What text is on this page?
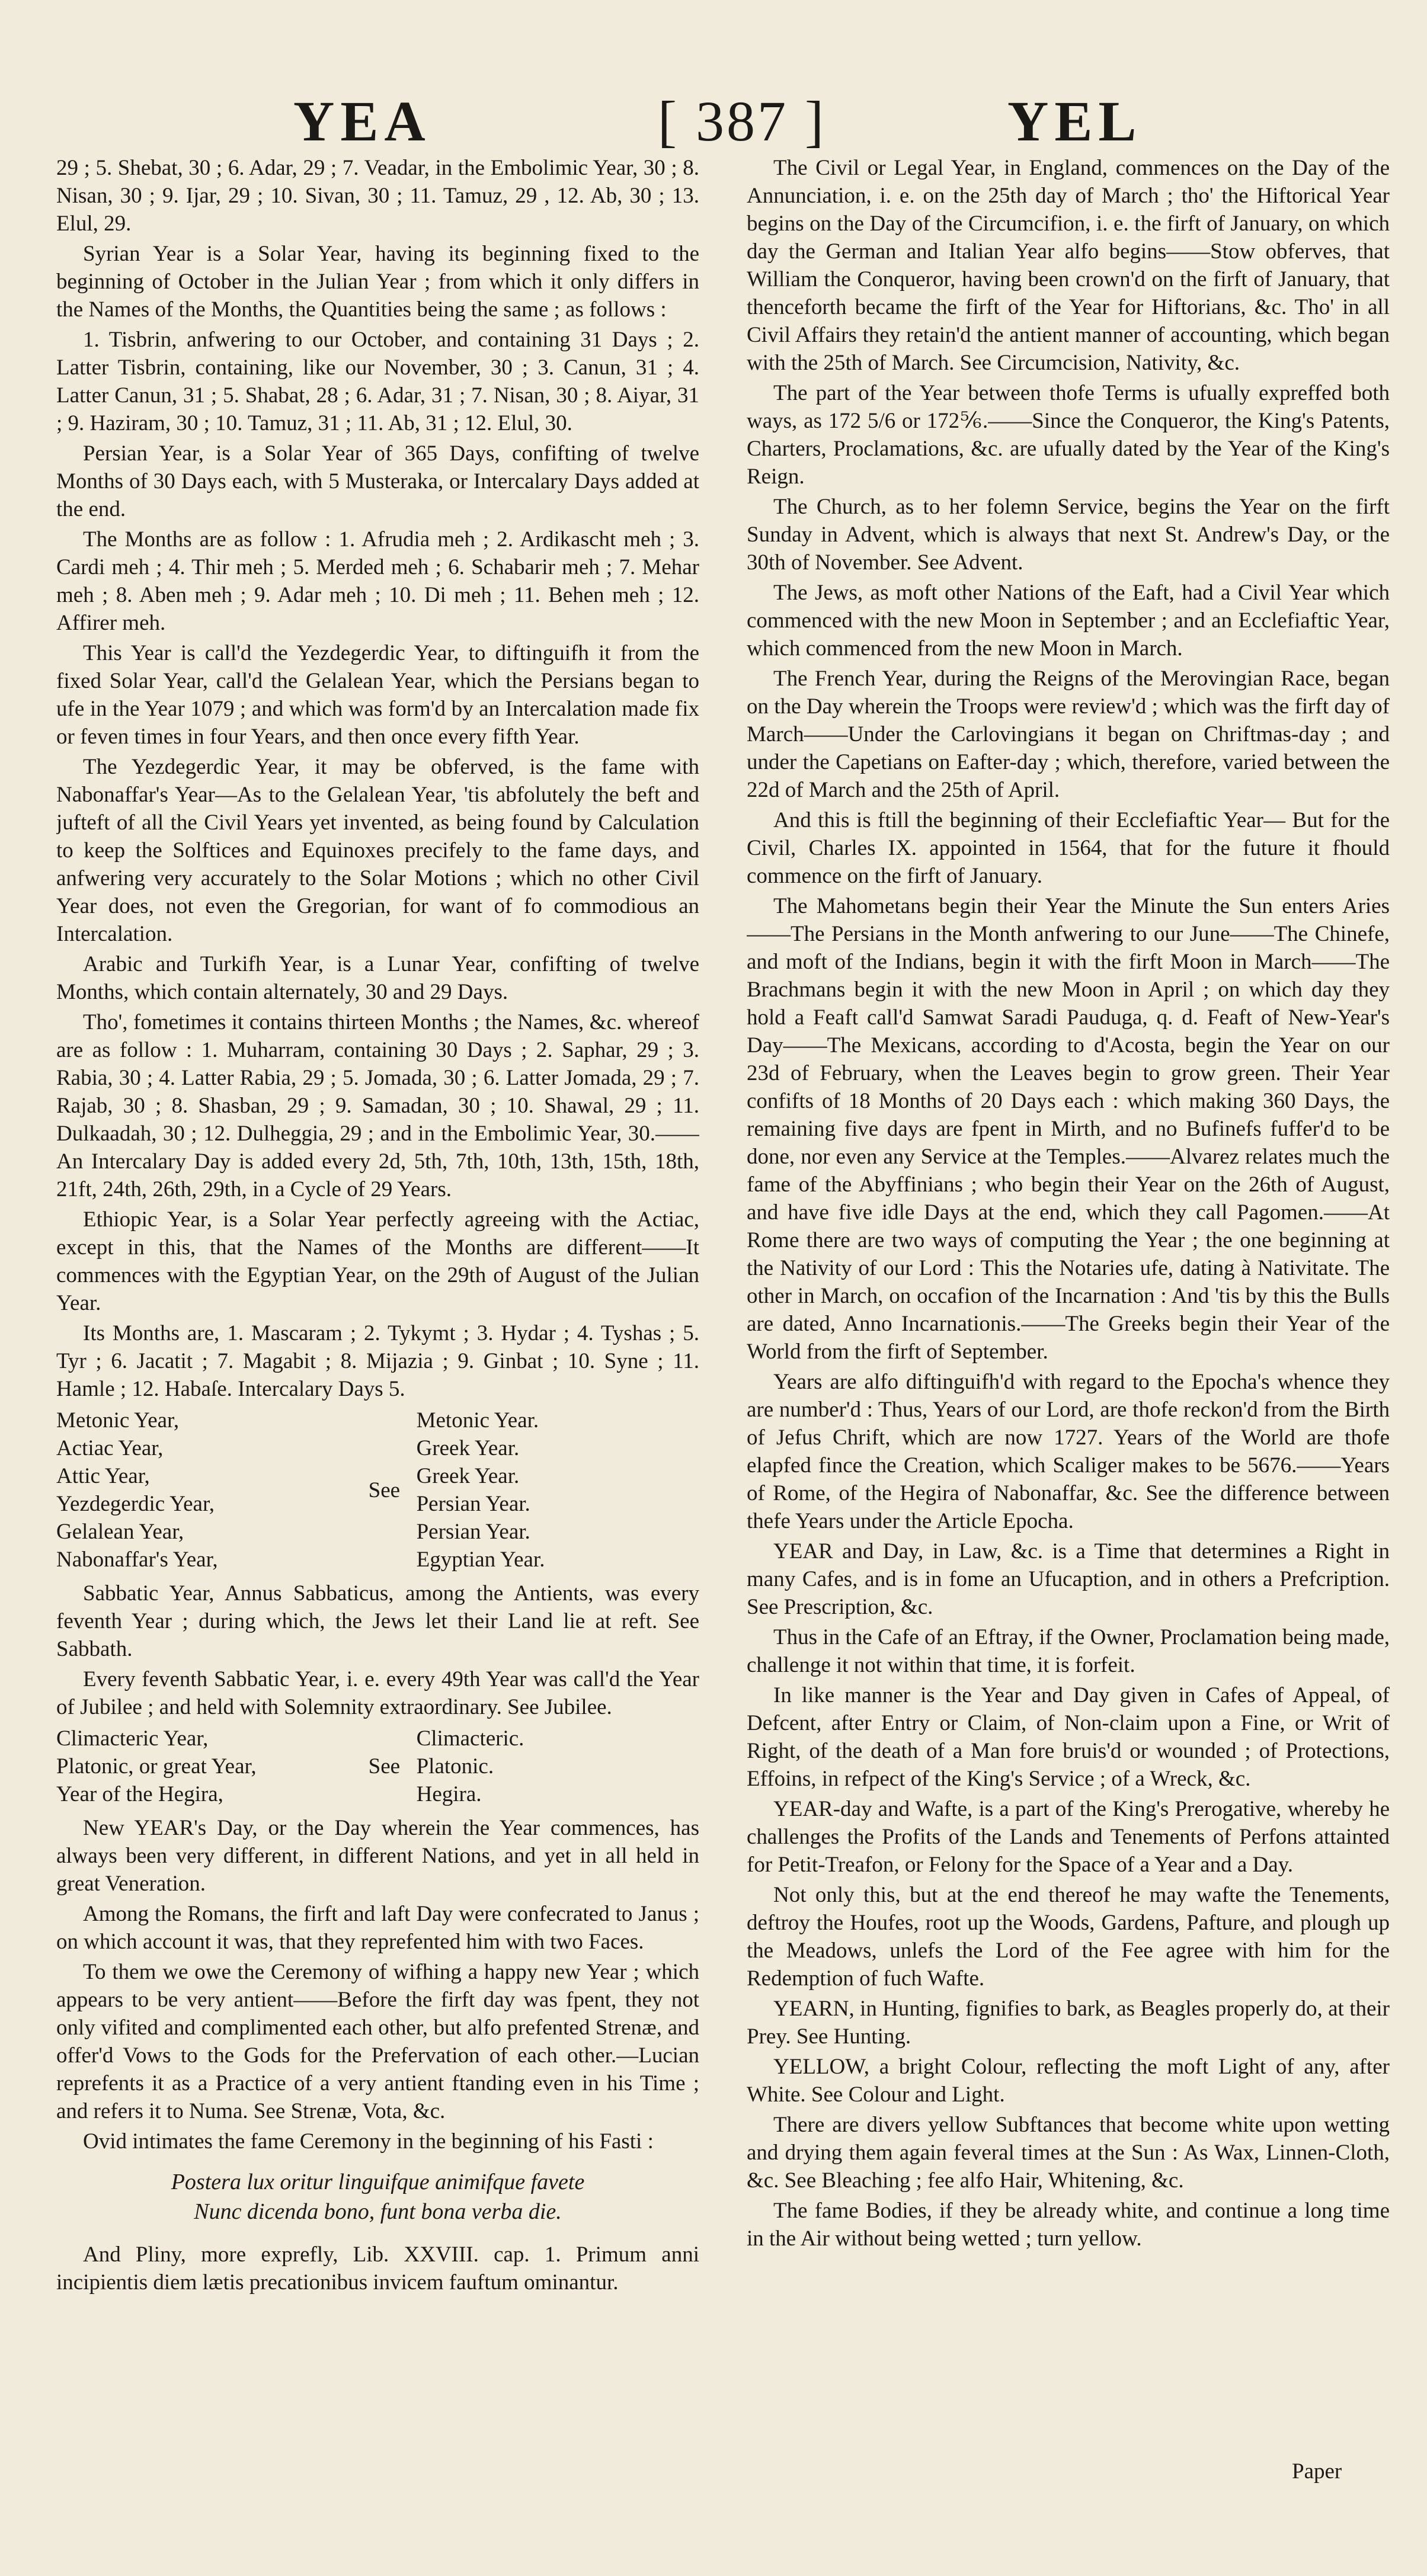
YEA	[ 387 ]	YEL

29 ; 5. Shebat, 30 ; 6. Adar, 29 ; 7. Veadar, in the Embolimic Year, 30 ; 8. Nisan, 30 ; 9. Ijar, 29 ; 10. Sivan, 30 ; 11. Tamuz, 29 , 12. Ab, 30 ; 13. Elul, 29.

Syrian Year is a Solar Year, having its beginning fixed to the beginning of October in the Julian Year ; from which it only differs in the Names of the Months, the Quantities being the same ; as follows :

1. Tisbrin, anfwering to our October, and containing 31 Days ; 2. Latter Tisbrin, containing, like our November, 30 ; 3. Canun, 31 ; 4. Latter Canun, 31 ; 5. Shabat, 28 ; 6. Adar, 31 ; 7. Nisan, 30 ; 8. Aiyar, 31 ; 9. Haziram, 30 ; 10. Tamuz, 31 ; 11. Ab, 31 ; 12. Elul, 30.

Persian Year, is a Solar Year of 365 Days, confifting of twelve Months of 30 Days each, with 5 Musteraka, or Intercalary Days added at the end.

The Months are as follow : 1. Afrudia meh ; 2. Ardikascht meh ; 3. Cardi meh ; 4. Thir meh ; 5. Merded meh ; 6. Schabarir meh ; 7. Mehar meh ; 8. Aben meh ; 9. Adar meh ; 10. Di meh ; 11. Behen meh ; 12. Affirer meh.

This Year is call'd the Yezdegerdic Year, to diftinguifh it from the fixed Solar Year, call'd the Gelalean Year, which the Persians began to ufe in the Year 1079 ; and which was form'd by an Intercalation made fix or feven times in four Years, and then once every fifth Year.

The Yezdegerdic Year, it may be obferved, is the fame with Nabonaffar's Year—As to the Gelalean Year, 'tis abfolutely the beft and jufteft of all the Civil Years yet invented, as being found by Calculation to keep the Solftices and Equinoxes precifely to the fame days, and anfwering very accurately to the Solar Motions ; which no other Civil Year does, not even the Gregorian, for want of fo commodious an Intercalation.

Arabic and Turkifh Year, is a Lunar Year, confifting of twelve Months, which contain alternately, 30 and 29 Days.

Tho', fometimes it contains thirteen Months ; the Names, &c. whereof are as follow : 1. Muharram, containing 30 Days ; 2. Saphar, 29 ; 3. Rabia, 30 ; 4. Latter Rabia, 29 ; 5. Jomada, 30 ; 6. Latter Jomada, 29 ; 7. Rajab, 30 ; 8. Shasban, 29 ; 9. Samadan, 30 ; 10. Shawal, 29 ; 11. Dulkaadah, 30 ; 12. Dulheggia, 29 ; and in the Embolimic Year, 30.——An Intercalary Day is added every 2d, 5th, 7th, 10th, 13th, 15th, 18th, 21ft, 24th, 26th, 29th, in a Cycle of 29 Years.

Ethiopic Year, is a Solar Year perfectly agreeing with the Actiac, except in this, that the Names of the Months are different——It commences with the Egyptian Year, on the 29th of August of the Julian Year.

Its Months are, 1. Mascaram ; 2. Tykymt ; 3. Hydar ; 4. Tyshas ; 5. Tyr ; 6. Jacatit ; 7. Magabit ; 8. Mijazia ; 9. Ginbat ; 10. Syne ; 11. Hamle ; 12. Habaſe. Intercalary Days 5.

Metonic Year,
Actiac Year,
Attic Year,
Yezdegerdic Year,
Gelalean Year,
Nabonaffar's Year,
See
Metonic Year.
Greek Year.
Greek Year.
Persian Year.
Persian Year.
Egyptian Year.

Sabbatic Year, Annus Sabbaticus, among the Antients, was every feventh Year ; during which, the Jews let their Land lie at reft. See Sabbath.

Every feventh Sabbatic Year, i. e. every 49th Year was call'd the Year of Jubilee ; and held with Solemnity extraordinary. See Jubilee.

Climacteric Year,
Platonic, or great Year,
Year of the Hegira,
See
Climacteric.
Platonic.
Hegira.

New YEAR's Day, or the Day wherein the Year commences, has always been very different, in different Nations, and yet in all held in great Veneration.

Among the Romans, the firft and laft Day were confecrated to Janus ; on which account it was, that they reprefented him with two Faces.

To them we owe the Ceremony of wifhing a happy new Year ; which appears to be very antient——Before the firft day was fpent, they not only vifited and complimented each other, but alfo prefented Strenæ, and offer'd Vows to the Gods for the Prefervation of each other.—Lucian reprefents it as a Practice of a very antient ftanding even in his Time ; and refers it to Numa. See Strenæ, Vota, &c.

Ovid intimates the fame Ceremony in the beginning of his Fasti :

Postera lux oritur linguifque animifque favete
Nunc dicenda bono, funt bona verba die.

And Pliny, more exprefly, Lib. XXVIII. cap. 1. Primum anni incipientis diem lætis precationibus invicem fauftum ominantur.

The Civil or Legal Year, in England, commences on the Day of the Annunciation, i. e. on the 25th day of March ; tho' the Hiftorical Year begins on the Day of the Circumcifion, i. e. the firft of January, on which day the German and Italian Year alfo begins——Stow obferves, that William the Conqueror, having been crown'd on the firft of January, that thenceforth became the firft of the Year for Hiftorians, &c. Tho' in all Civil Affairs they retain'd the antient manner of accounting, which began with the 25th of March. See Circumcision, Nativity, &c.

The part of the Year between thofe Terms is ufually expreffed both ways, as 172 5/6 or 172⅚.——Since the Conqueror, the King's Patents, Charters, Proclamations, &c. are ufually dated by the Year of the King's Reign.

The Church, as to her folemn Service, begins the Year on the firft Sunday in Advent, which is always that next St. Andrew's Day, or the 30th of November. See Advent.

The Jews, as moft other Nations of the Eaft, had a Civil Year which commenced with the new Moon in September ; and an Ecclefiaftic Year, which commenced from the new Moon in March.

The French Year, during the Reigns of the Merovingian Race, began on the Day wherein the Troops were review'd ; which was the firft day of March——Under the Carlovingians it began on Chriftmas-day ; and under the Capetians on Eafter-day ; which, therefore, varied between the 22d of March and the 25th of April.

And this is ftill the beginning of their Ecclefiaftic Year— But for the Civil, Charles IX. appointed in 1564, that for the future it fhould commence on the firft of January.

The Mahometans begin their Year the Minute the Sun enters Aries——The Persians in the Month anfwering to our June——The Chinefe, and moft of the Indians, begin it with the firft Moon in March——The Brachmans begin it with the new Moon in April ; on which day they hold a Feaft call'd Samwat Saradi Pauduga, q. d. Feaft of New-Year's Day——The Mexicans, according to d'Acosta, begin the Year on our 23d of February, when the Leaves begin to grow green. Their Year confifts of 18 Months of 20 Days each : which making 360 Days, the remaining five days are fpent in Mirth, and no Bufinefs fuffer'd to be done, nor even any Service at the Temples.——Alvarez relates much the fame of the Abyffinians ; who begin their Year on the 26th of August, and have five idle Days at the end, which they call Pagomen.——At Rome there are two ways of computing the Year ; the one beginning at the Nativity of our Lord : This the Notaries ufe, dating à Nativitate. The other in March, on occafion of the Incarnation : And 'tis by this the Bulls are dated, Anno Incarnationis.——The Greeks begin their Year of the World from the firft of September.

Years are alfo diftinguifh'd with regard to the Epocha's whence they are number'd : Thus, Years of our Lord, are thofe reckon'd from the Birth of Jefus Chrift, which are now 1727. Years of the World are thofe elapfed fince the Creation, which Scaliger makes to be 5676.——Years of Rome, of the Hegira of Nabonaffar, &c. See the difference between thefe Years under the Article Epocha.

YEAR and Day, in Law, &c. is a Time that determines a Right in many Cafes, and is in fome an Ufucaption, and in others a Prefcription. See Prescription, &c.

Thus in the Cafe of an Eftray, if the Owner, Proclamation being made, challenge it not within that time, it is forfeit.

In like manner is the Year and Day given in Cafes of Appeal, of Defcent, after Entry or Claim, of Non-claim upon a Fine, or Writ of Right, of the death of a Man fore bruis'd or wounded ; of Protections, Effoins, in refpect of the King's Service ; of a Wreck, &c.

YEAR-day and Wafte, is a part of the King's Prerogative, whereby he challenges the Profits of the Lands and Tenements of Perfons attainted for Petit-Treafon, or Felony for the Space of a Year and a Day.

Not only this, but at the end thereof he may wafte the Tenements, deftroy the Houfes, root up the Woods, Gardens, Pafture, and plough up the Meadows, unlefs the Lord of the Fee agree with him for the Redemption of fuch Wafte.

YEARN, in Hunting, fignifies to bark, as Beagles properly do, at their Prey. See Hunting.

YELLOW, a bright Colour, reflecting the moft Light of any, after White. See Colour and Light.

There are divers yellow Subftances that become white upon wetting and drying them again feveral times at the Sun : As Wax, Linnen-Cloth, &c. See Bleaching ; fee alfo Hair, Whitening, &c.

The fame Bodies, if they be already white, and continue a long time in the Air without being wetted ; turn yellow.

Paper
